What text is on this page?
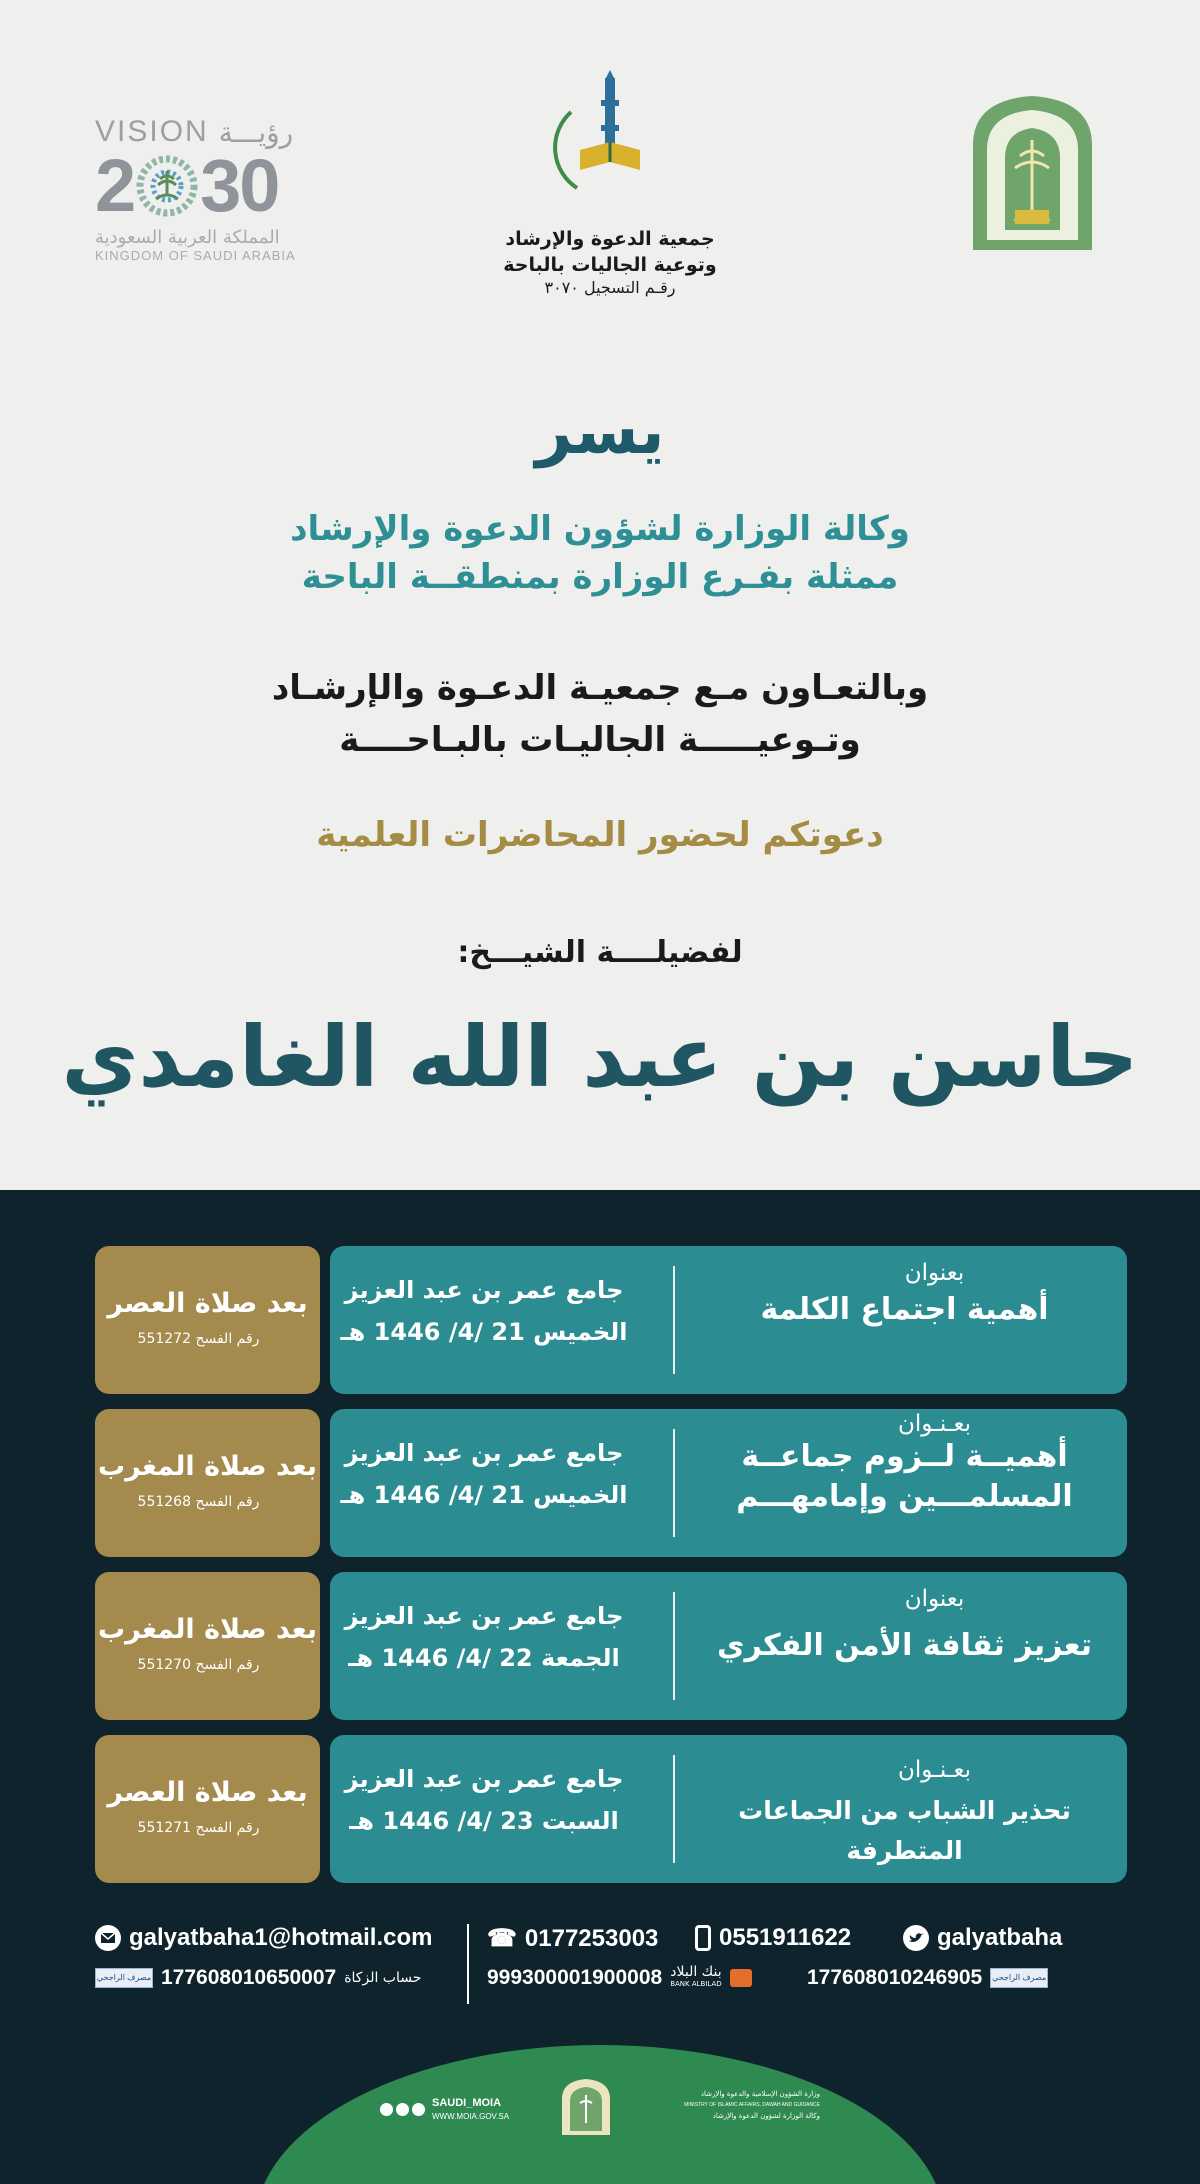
VISION رؤيـــة
2 30
المملكة العربية السعودية
KINGDOM OF SAUDI ARABIA
جمعية الدعوة والإرشاد
وتوعية الجاليات بالباحة
رقـم التسجيل ٣٠٧٠
يسر
وكالة الوزارة لشؤون الدعوة والإرشاد
ممثلة بفـرع الوزارة بمنطقــة الباحة
وبالتعـاون مـع جمعيـة الدعـوة والإرشـاد
وتـوعيـــــة الجاليـات بالبـاحــــة
دعوتكم لحضور المحاضرات العلمية
لفضيلــــة الشيـــخ:
حاسن بن عبد الله الغامدي
بعد صلاة العصر
رقم الفسح 551272
بعنوان
أهمية اجتماع الكلمة
جامع عمر بن عبد العزيز
الخميس 21 /4/ 1446 هـ
بعد صلاة المغرب
رقم الفسح 551268
بعـنـوان
أهميــة لــزوم جماعــة
المسلمـــين وإمامهـــم
جامع عمر بن عبد العزيز
الخميس 21 /4/ 1446 هـ
بعد صلاة المغرب
رقم الفسح 551270
بعنوان
تعزيز ثقافة الأمن الفكري
جامع عمر بن عبد العزيز
الجمعة 22 /4/ 1446 هـ
بعد صلاة العصر
رقم الفسح 551271
بعـنـوان
تحذير الشباب من الجماعات المتطرفة
جامع عمر بن عبد العزيز
السبت 23 /4/ 1446 هـ
galyatbaha1@hotmail.com ☎ 0177253003	0551911622	galyatbaha
مصرف الراجحي 177608010650007 حساب الزكاة	999300001900008 بنك البلاد
BANK ALBILAD	177608010246905 مصرف الراجحي
SAUDI_MOIA
WWW.MOIA.GOV.SA
وزارة الشؤون الإسلامية والدعوة والإرشاد
MINISTRY OF ISLAMIC AFFAIRS, DAWAH AND GUIDANCE
وكالة الوزارة لشؤون الدعوة والإرشاد
